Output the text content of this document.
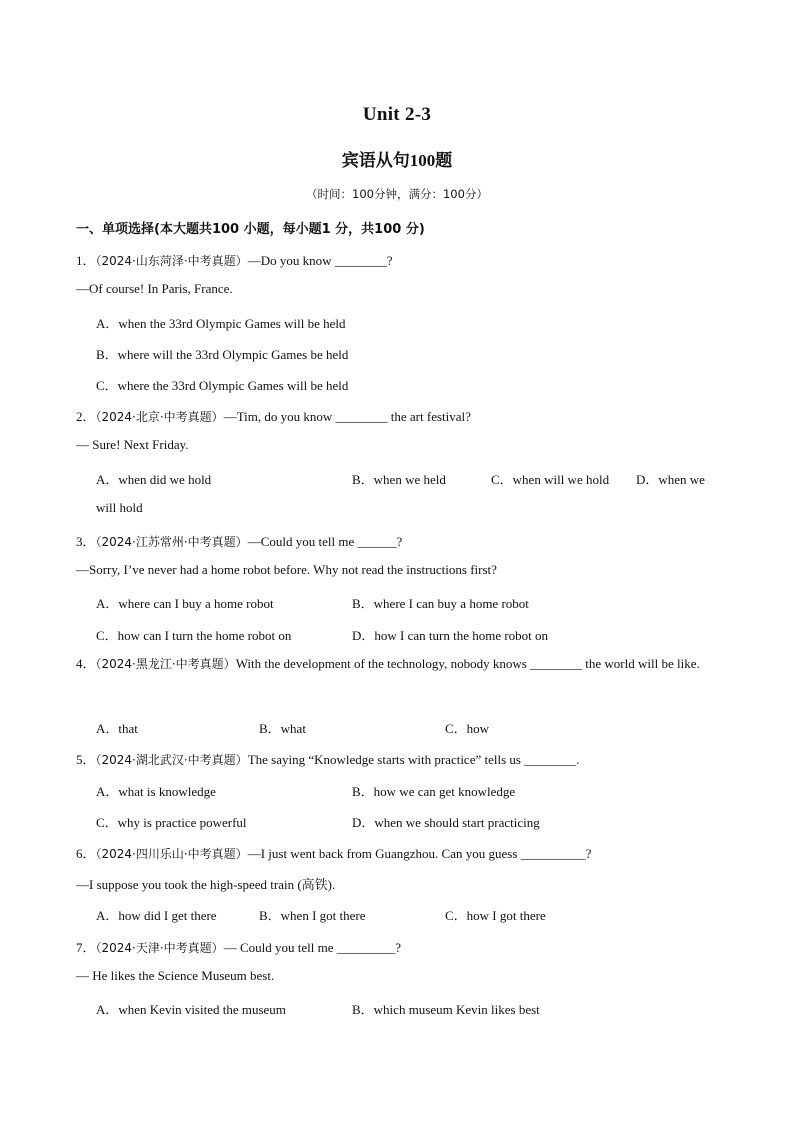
Unit 2-3
宾语从句100题
（时间：100分钟，满分：100分）
一、单项选择(本大题共100 小题，每小题1 分，共100 分)
1．（2024·山东菏泽·中考真题）—Do you know ________?
—Of course! In Paris, France.
A．when the 33rd Olympic Games will be held
B．where will the 33rd Olympic Games be held
C．where the 33rd Olympic Games will be held
2．（2024·北京·中考真题）—Tim, do you know ________ the art festival?
— Sure! Next Friday.
A．when did we hold	B．when we held	C．when will we hold D．when we
will hold
3．（2024·江苏常州·中考真题）—Could you tell me ______?
—Sorry, I’ve never had a home robot before. Why not read the instructions first?
A．where can I buy a home robot	B．where I can buy a home robot
C．how can I turn the home robot on	D．how I can turn the home robot on
4．（2024·黑龙江·中考真题）With the development of the technology, nobody knows ________ the world will be like.
A．that	B．what	C．how
5．（2024·湖北武汉·中考真题）The saying “Knowledge starts with practice” tells us ________.
A．what is knowledge	B．how we can get knowledge
C．why is practice powerful	D．when we should start practicing
6．（2024·四川乐山·中考真题）—I just went back from Guangzhou. Can you guess __________?
—I suppose you took the high-speed train (高铁).
A．how did I get there	B．when I got there	C．how I got there
7．（2024·天津·中考真题）— Could you tell me _________?
— He likes the Science Museum best.
A．when Kevin visited the museum	B．which museum Kevin likes best
